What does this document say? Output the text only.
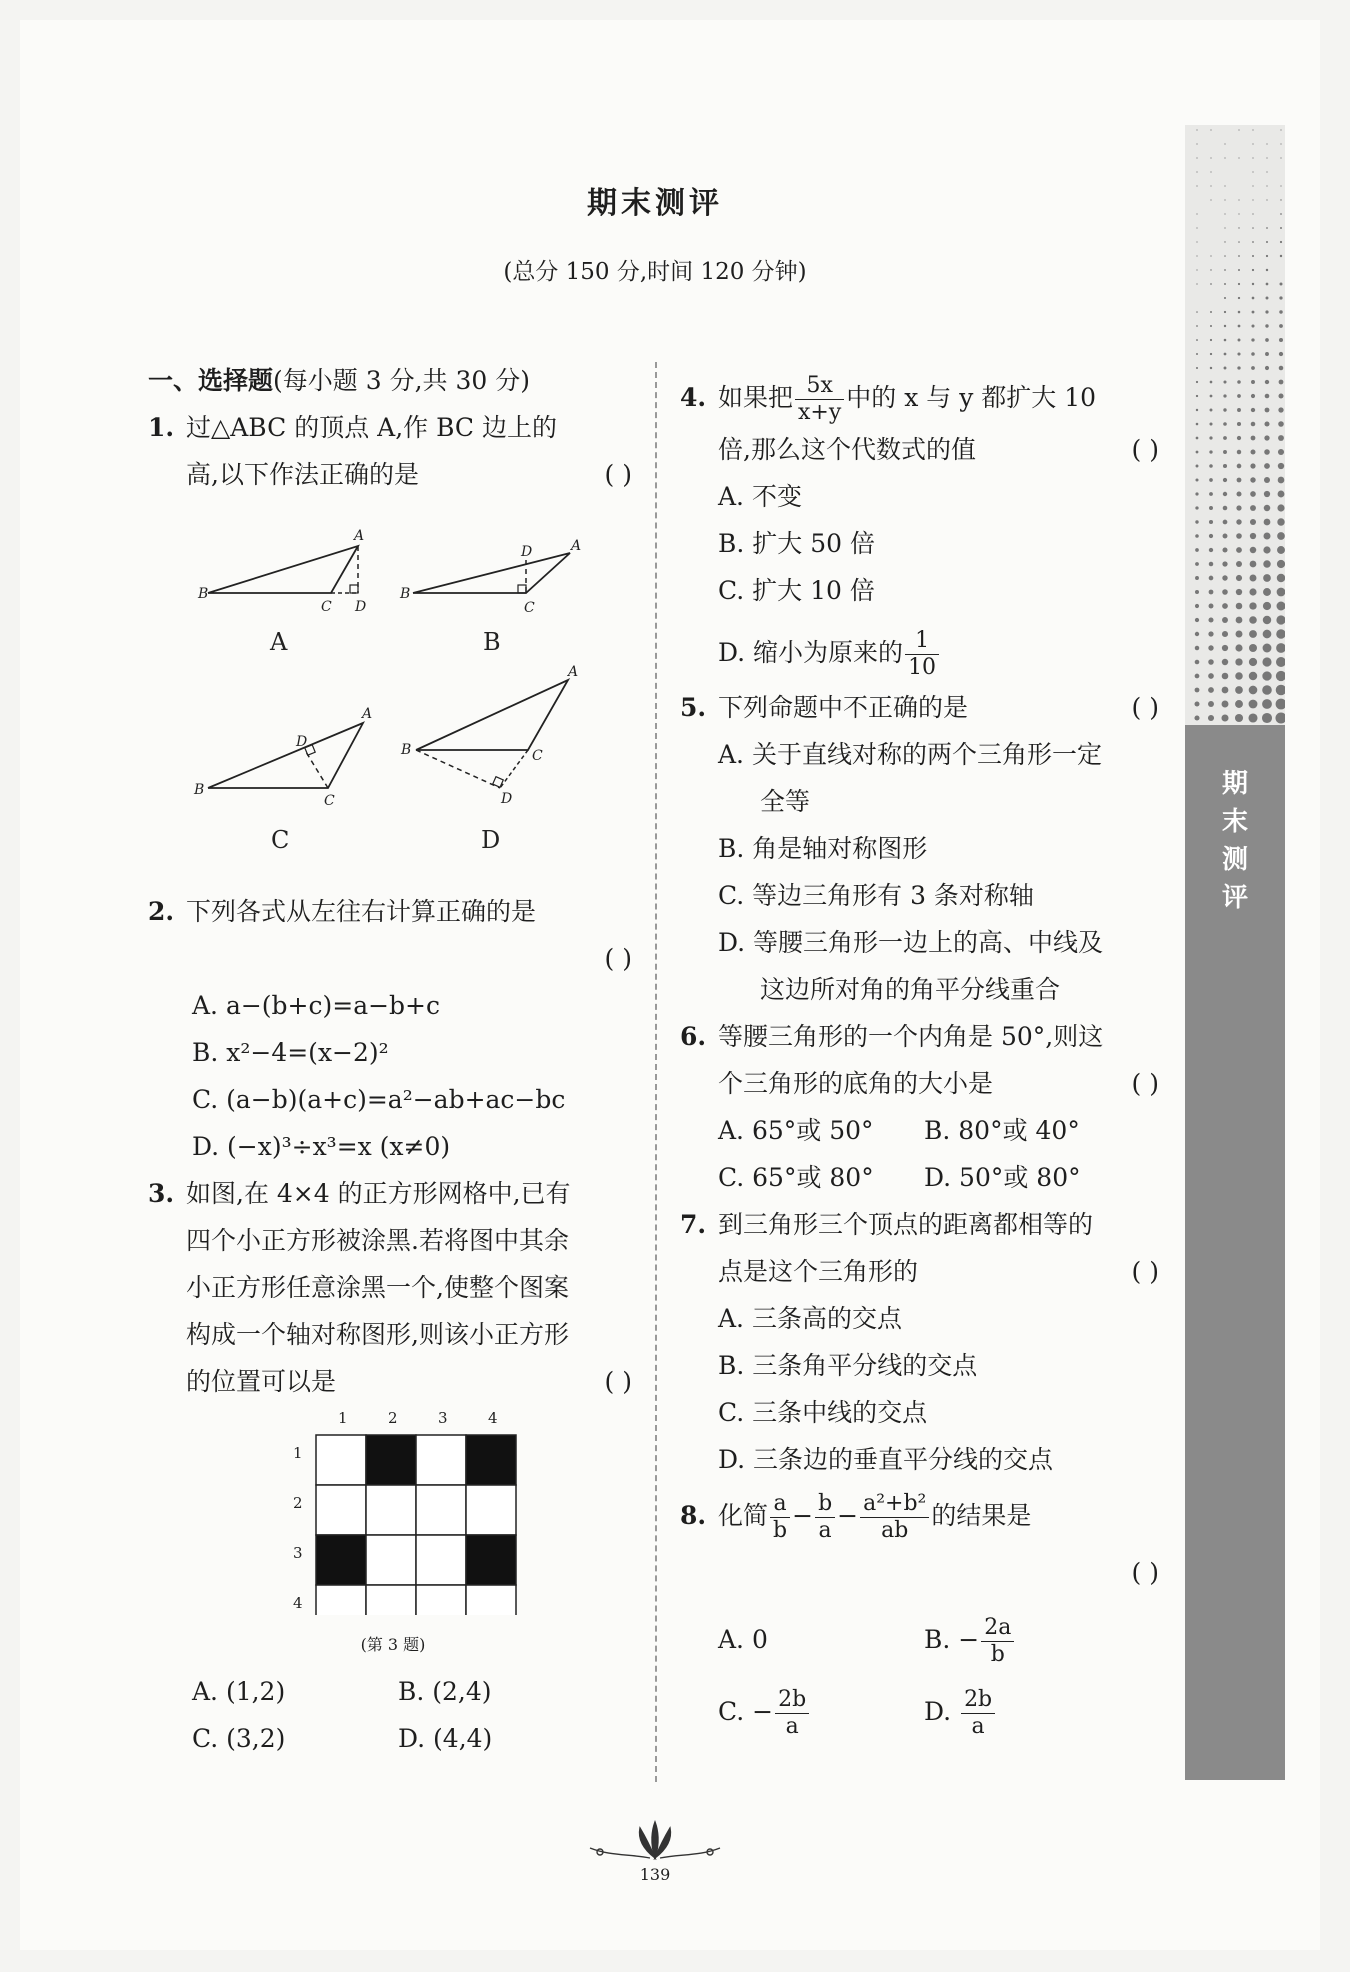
期末测评
(总分 150 分,时间 120 分钟)
一、选择题(每小题 3 分,共 30 分)
1. 过△ABC 的顶点 A,作 BC 边上的
高,以下作法正确的是	( )
B
A
C D
A
B
A
D
C
B
B
A
D
C
C
B
A
C
D
D
2. 下列各式从左往右计算正确的是
( )
A. a−(b+c)=a−b+c
B. x²−4=(x−2)²
C. (a−b)(a+c)=a²−ab+ac−bc
D. (−x)³÷x³=x (x≠0)
3. 如图,在 4×4 的正方形网格中,已有
四个小正方形被涂黑.若将图中其余
小正方形任意涂黑一个,使整个图案
构成一个轴对称图形,则该小正方形
的位置可以是	( )
1	2	3	4
1
2
3
4
(第 3 题)
A. (1,2)	B. (2,4)
C. (3,2)	D. (4,4)
4. 如果把 $\frac{5x}{x+y}$ 中的 x 与 y 都扩大 10
倍,那么这个代数式的值	( )
A. 不变
B. 扩大 50 倍
C. 扩大 10 倍
D. 缩小为原来的 $\frac{1}{10}$
5. 下列命题中不正确的是	( )
A. 关于直线对称的两个三角形一定
全等
B. 角是轴对称图形
C. 等边三角形有 3 条对称轴
D. 等腰三角形一边上的高、中线及
这边所对角的角平分线重合
6. 等腰三角形的一个内角是 50°,则这
个三角形的底角的大小是	( )
A. 65°或 50°	B. 80°或 40°
C. 65°或 80°	D. 50°或 80°
7. 到三角形三个顶点的距离都相等的
点是这个三角形的	( )
A. 三条高的交点
B. 三条角平分线的交点
C. 三条中线的交点
D. 三条边的垂直平分线的交点
8. 化简 $\frac{a}{b} - \frac{b}{a} - \frac{\text{a²+b²}}{ab}$ 的结果是
( )
A. 0	B. − $\frac{2a}{b}$
C. − $\frac{2b}{a}$	D. $\frac{2b}{a}$
期
末
测
评
139
